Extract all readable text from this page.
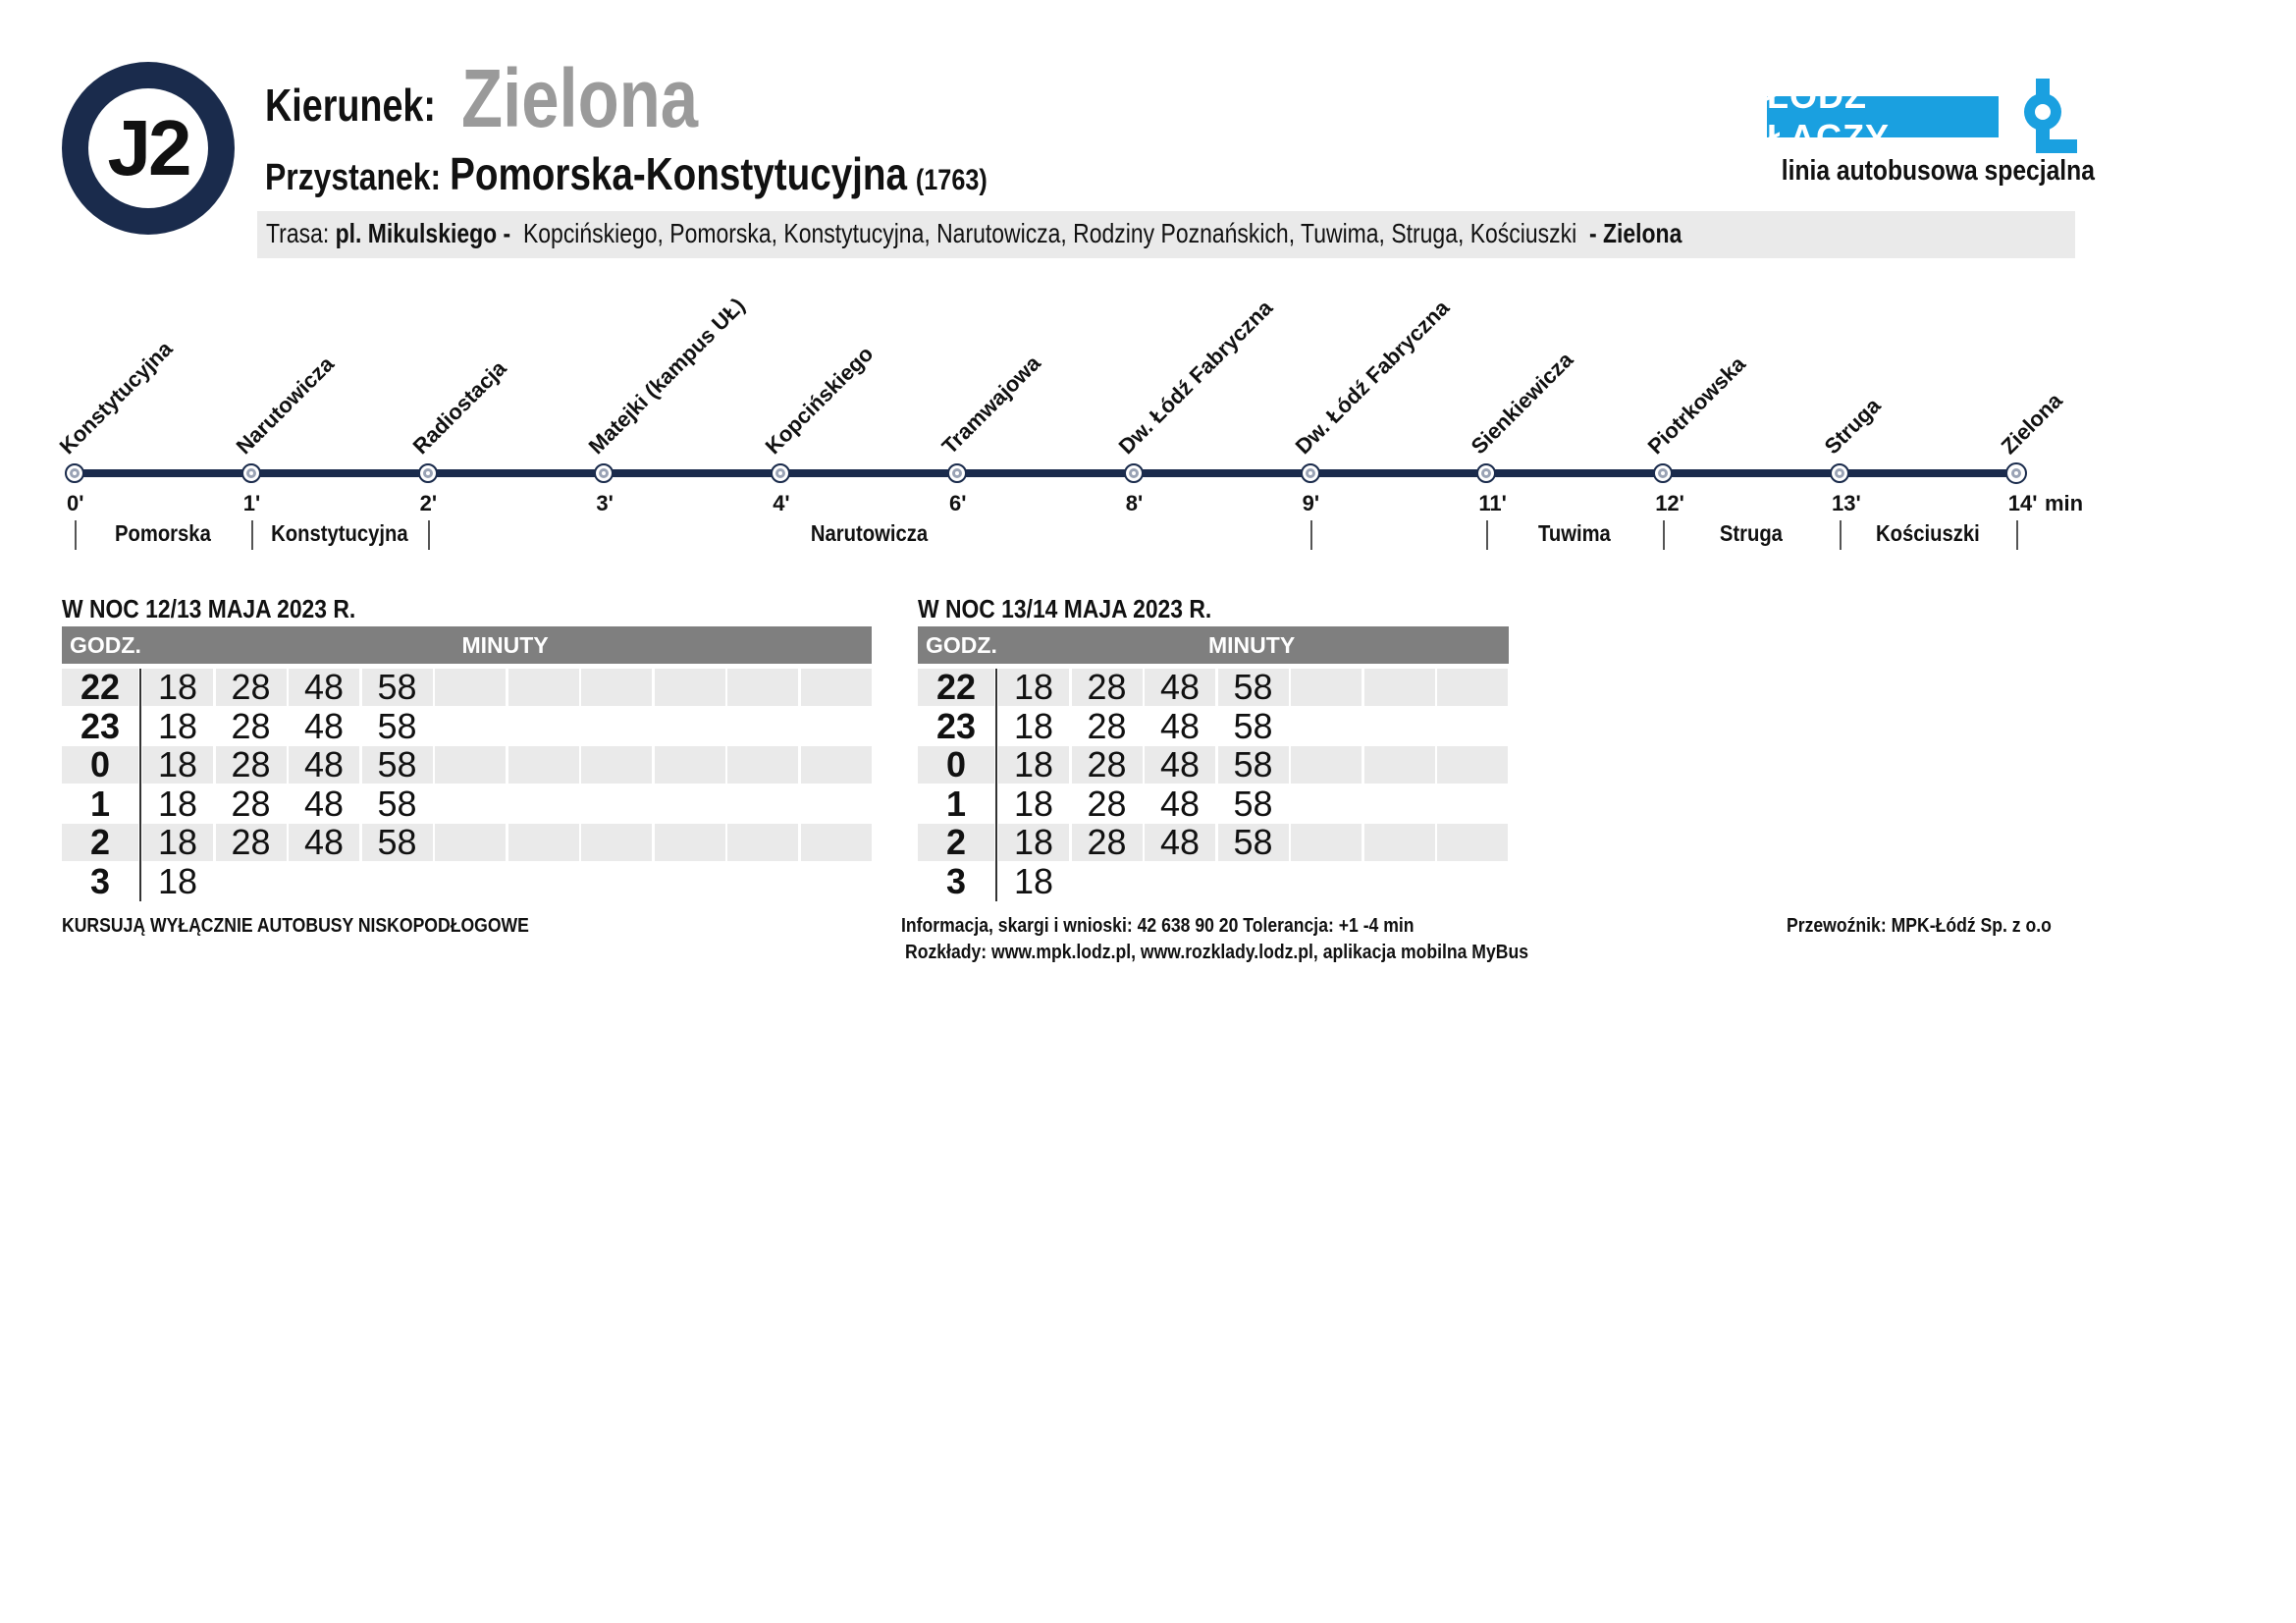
J2	Kierunek: Zielona
Przystanek: Pomorska-Konstytucyjna (1763)
ŁÓDŹ ŁĄCZY
linia autobusowa specjalna
Trasa: pl. Mikulskiego - Kopcińskiego, Pomorska, Konstytucyjna, Narutowicza, Rodziny Poznańskich, Tuwima, Struga, Kościuszki - Zielona
Konstytucyjna
0'
Narutowicza
1'
Radiostacja
2'
Matejki (kampus UŁ)
3'
Kopcińskiego
4'
Tramwajowa
6'
Dw. Łódź Fabryczna
8'
Dw. Łódź Fabryczna
9'
Sienkiewicza
11'
Piotrkowska
12'
Struga
13'
Zielona
14'
Pomorska	Konstytucyjna	Narutowicza	Tuwima	Struga	Kościuszki
min
W NOC 12/13 MAJA 2023 R.
GODZ.	MINUTY
22	18 28 48 58
23	18 28 48 58
0	18 28 48 58
1	18 28 48 58
2	18 28 48 58
3	18
W NOC 13/14 MAJA 2023 R.
GODZ.	MINUTY
22	18 28 48 58
23	18 28 48 58
0	18 28 48 58
1	18 28 48 58
2	18 28 48 58
3	18
KURSUJĄ WYŁĄCZNIE AUTOBUSY NISKOPODŁOGOWE	Informacja, skargi i wnioski: 42 638 90 20 Tolerancja: +1 -4 min
Rozkłady: www.mpk.lodz.pl, www.rozklady.lodz.pl, aplikacja mobilna MyBus
Przewoźnik: MPK-Łódź Sp. z o.o
